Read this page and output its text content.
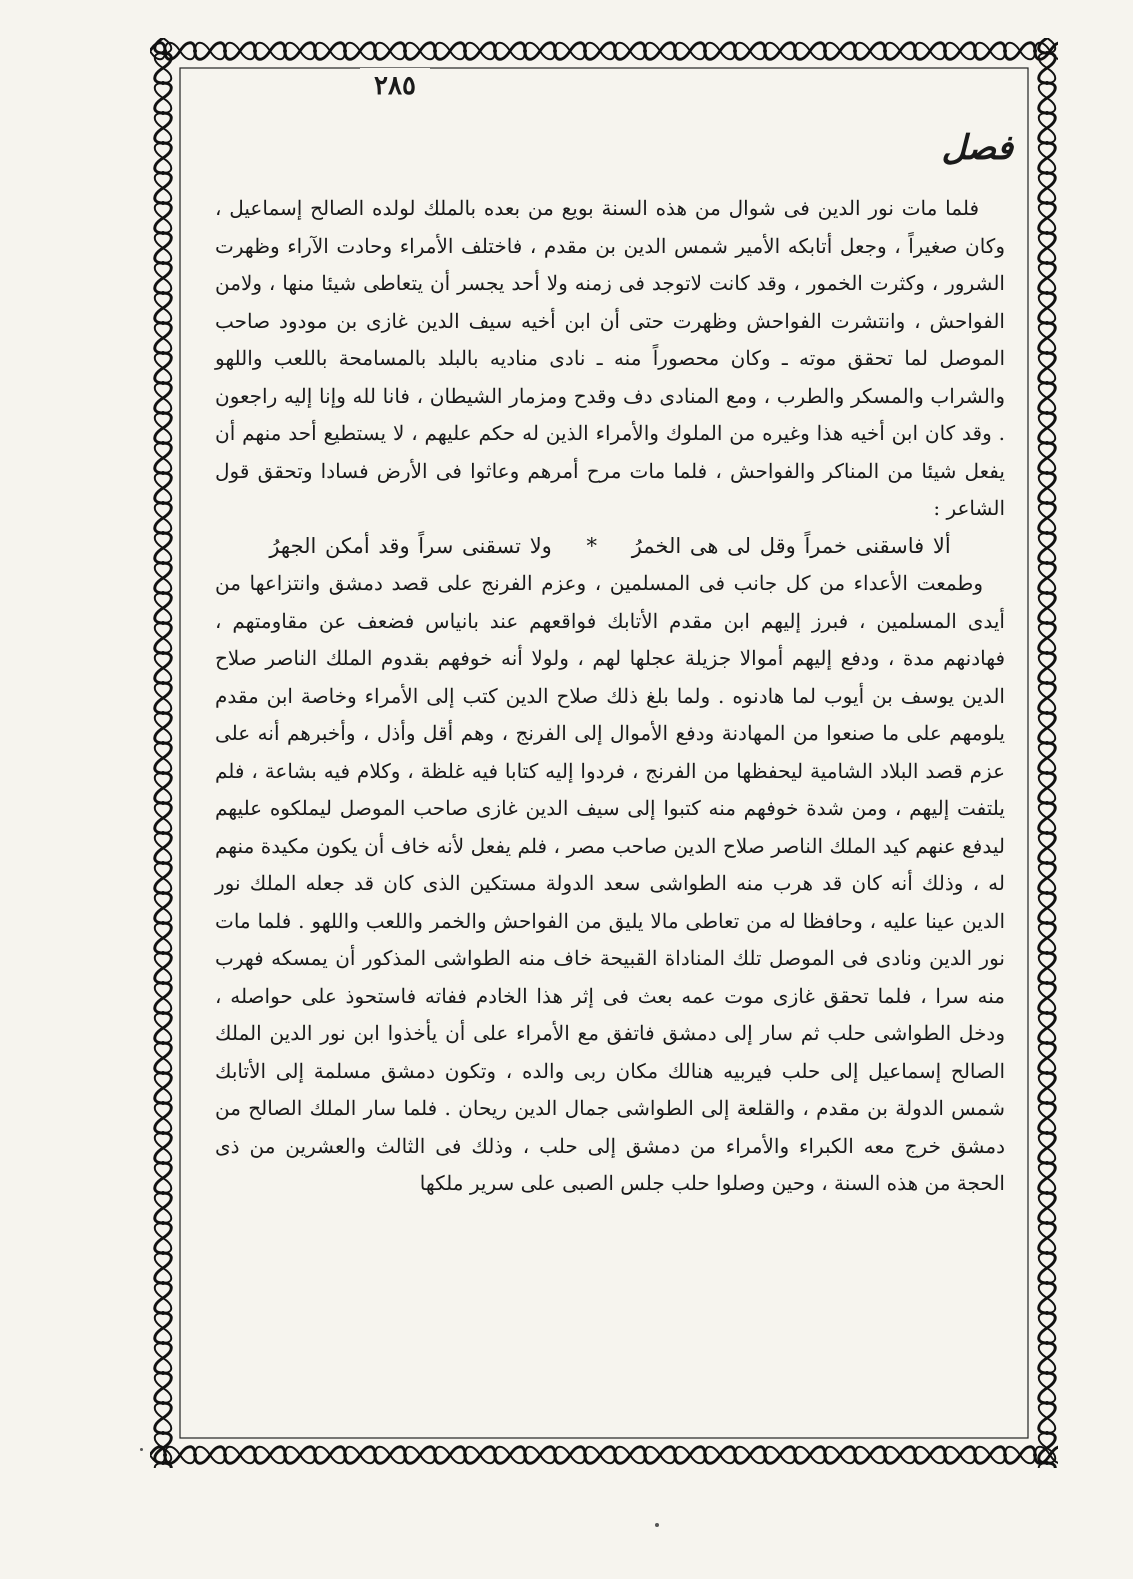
٢٨٥
فصل

فلما مات نور الدين فى شوال من هذه السنة بويع من بعده بالملك لولده الصالح إسماعيل ، وكان صغيراً ، وجعل أتابكه الأمير شمس الدين بن مقدم ، فاختلف الأمراء وحادت الآراء وظهرت الشرور ، وكثرت الخمور ، وقد كانت لاتوجد فى زمنه ولا أحد يجسر أن يتعاطى شيئا منها ، ولامن الفواحش ، وانتشرت الفواحش وظهرت حتى أن ابن أخيه سيف الدين غازى بن مودود صاحب الموصل لما تحقق موته ـ وكان محصوراً منه ـ نادى مناديه بالبلد بالمسامحة باللعب واللهو والشراب والمسكر والطرب ، ومع المنادى دف وقدح ومزمار الشيطان ، فانا لله وإنا إليه راجعون . وقد كان ابن أخيه هذا وغيره من الملوك والأمراء الذين له حكم عليهم ، لا يستطيع أحد منهم أن يفعل شيئا من المناكر والفواحش ، فلما مات مرح أمرهم وعاثوا فى الأرض فسادا وتحقق قول الشاعر :

ألا فاسقنى خمراً وقل لى هى الخمرُ * ولا تسقنى سراً وقد أمكن الجهرُ

وطمعت الأعداء من كل جانب فى المسلمين ، وعزم الفرنج على قصد دمشق وانتزاعها من أيدى المسلمين ، فبرز إليهم ابن مقدم الأتابك فواقعهم عند بانياس فضعف عن مقاومتهم ، فهادنهم مدة ، ودفع إليهم أموالا جزيلة عجلها لهم ، ولولا أنه خوفهم بقدوم الملك الناصر صلاح الدين يوسف بن أيوب لما هادنوه . ولما بلغ ذلك صلاح الدين كتب إلى الأمراء وخاصة ابن مقدم يلومهم على ما صنعوا من المهادنة ودفع الأموال إلى الفرنج ، وهم أقل وأذل ، وأخبرهم أنه على عزم قصد البلاد الشامية ليحفظها من الفرنج ، فردوا إليه كتابا فيه غلظة ، وكلام فيه بشاعة ، فلم يلتفت إليهم ، ومن شدة خوفهم منه كتبوا إلى سيف الدين غازى صاحب الموصل ليملكوه عليهم ليدفع عنهم كيد الملك الناصر صلاح الدين صاحب مصر ، فلم يفعل لأنه خاف أن يكون مكيدة منهم له ، وذلك أنه كان قد هرب منه الطواشى سعد الدولة مستكين الذى كان قد جعله الملك نور الدين عينا عليه ، وحافظا له من تعاطى مالا يليق من الفواحش والخمر واللعب واللهو . فلما مات نور الدين ونادى فى الموصل تلك المناداة القبيحة خاف منه الطواشى المذكور أن يمسكه فهرب منه سرا ، فلما تحقق غازى موت عمه بعث فى إثر هذا الخادم ففاته فاستحوذ على حواصله ، ودخل الطواشى حلب ثم سار إلى دمشق فاتفق مع الأمراء على أن يأخذوا ابن نور الدين الملك الصالح إسماعيل إلى حلب فيربيه هنالك مكان ربى والده ، وتكون دمشق مسلمة إلى الأتابك شمس الدولة بن مقدم ، والقلعة إلى الطواشى جمال الدين ريحان . فلما سار الملك الصالح من دمشق خرج معه الكبراء والأمراء من دمشق إلى حلب ، وذلك فى الثالث والعشرين من ذى الحجة من هذه السنة ، وحين وصلوا حلب جلس الصبى على سرير ملكها
